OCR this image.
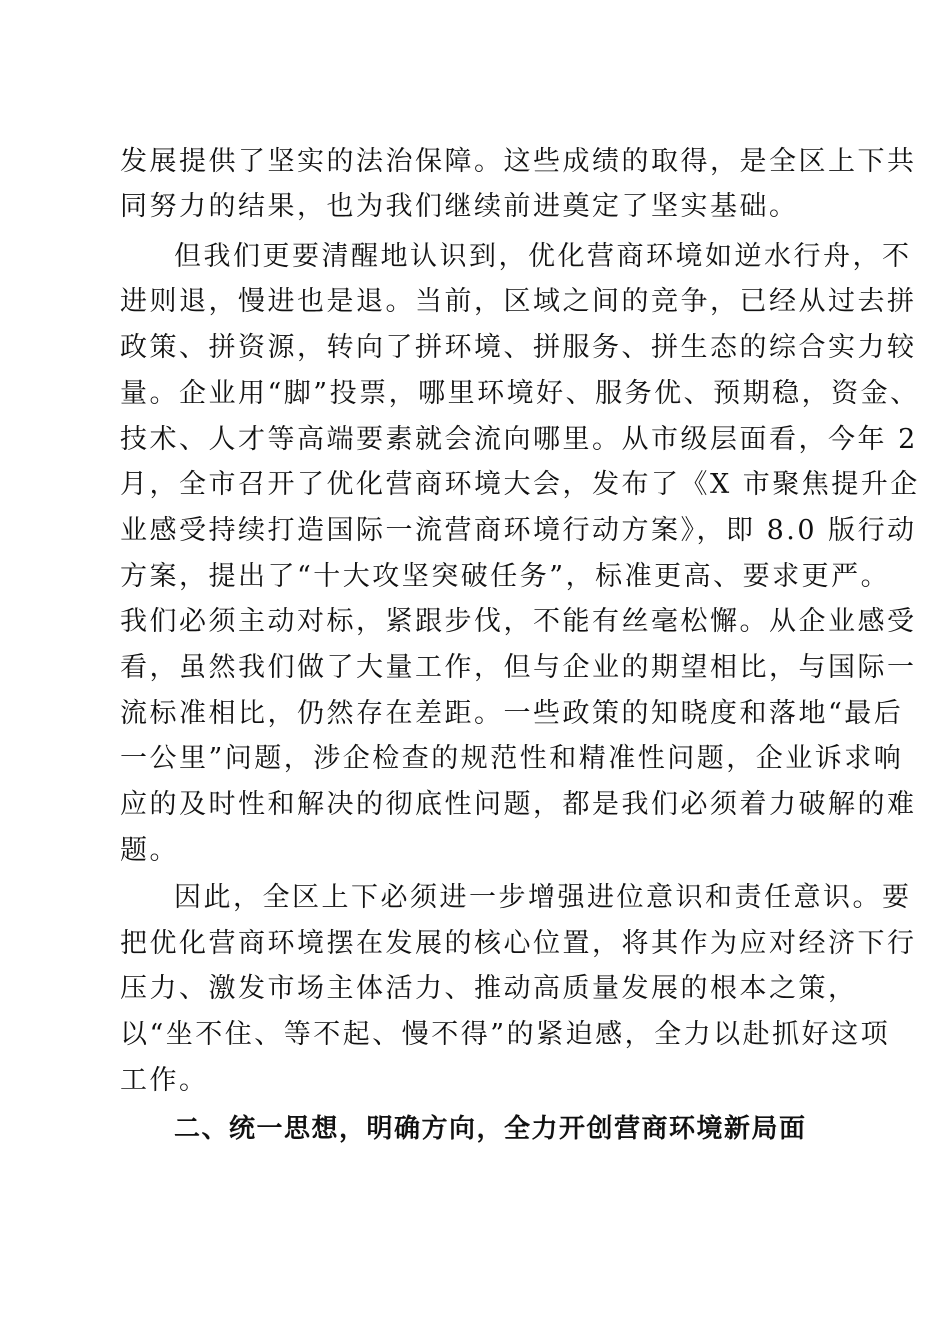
发展提供了坚实的法治保障。这些成绩的取得，是全区上下共
同努力的结果，也为我们继续前进奠定了坚实基础。
但我们更要清醒地认识到，优化营商环境如逆水行舟，不
进则退，慢进也是退。当前，区域之间的竞争，已经从过去拼
政策、拼资源，转向了拼环境、拼服务、拼生态的综合实力较
量。企业用“脚”投票，哪里环境好、服务优、预期稳，资金、
技术、人才等高端要素就会流向哪里。从市级层面看，今年 2
月，全市召开了优化营商环境大会，发布了《X 市聚焦提升企
业感受持续打造国际一流营商环境行动方案》，即 8.0 版行动
方案，提出了“十大攻坚突破任务”，标准更高、要求更严。
我们必须主动对标，紧跟步伐，不能有丝毫松懈。从企业感受
看，虽然我们做了大量工作，但与企业的期望相比，与国际一
流标准相比，仍然存在差距。一些政策的知晓度和落地“最后
一公里”问题，涉企检查的规范性和精准性问题，企业诉求响
应的及时性和解决的彻底性问题，都是我们必须着力破解的难
题。
因此，全区上下必须进一步增强进位意识和责任意识。要
把优化营商环境摆在发展的核心位置，将其作为应对经济下行
压力、激发市场主体活力、推动高质量发展的根本之策，
以“坐不住、等不起、慢不得”的紧迫感，全力以赴抓好这项
工作。
二、统一思想，明确方向，全力开创营商环境新局面
